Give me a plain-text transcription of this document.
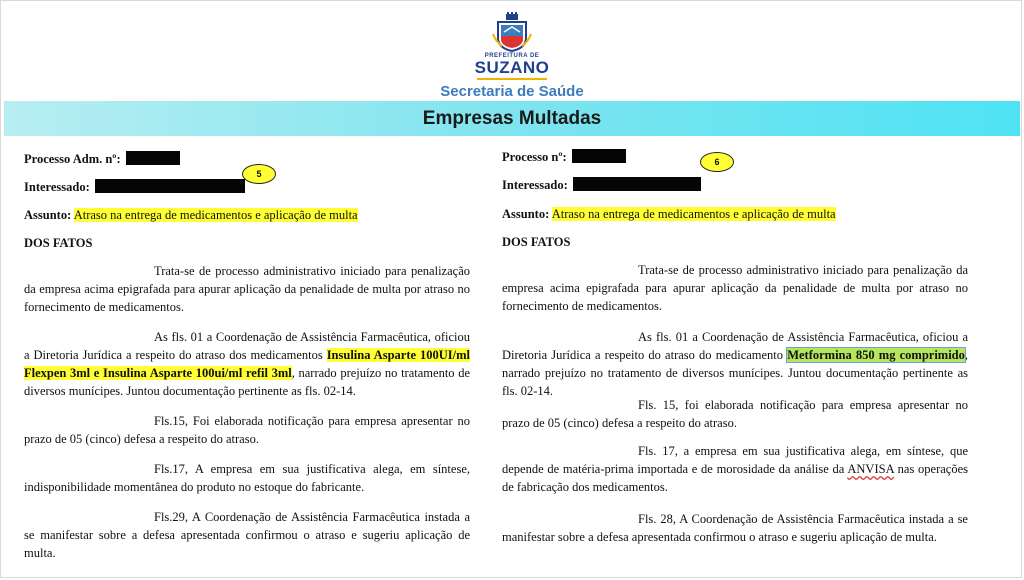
PREFEITURA DE
SUZANO
Secretaria de Saúde
Empresas Multadas
Processo Adm. nº:
5
Interessado:
Assunto: Atraso na entrega de medicamentos e aplicação de multa
DOS FATOS
Trata-se de processo administrativo iniciado para penalização da empresa acima epigrafada para apurar aplicação da penalidade de multa por atraso no fornecimento de medicamentos.
As fls. 01 a Coordenação de Assistência Farmacêutica, oficiou a Diretoria Jurídica a respeito do atraso dos medicamentos Insulina Asparte 100UI/ml Flexpen 3ml e Insulina Asparte 100ui/ml refil 3ml, narrado prejuízo no tratamento de diversos munícipes. Juntou documentação pertinente as fls. 02-14.
Fls.15, Foi elaborada notificação para empresa apresentar no prazo de 05 (cinco) defesa a respeito do atraso.
Fls.17, A empresa em sua justificativa alega, em síntese, indisponibilidade momentânea do produto no estoque do fabricante.
Fls.29, A Coordenação de Assistência Farmacêutica instada a se manifestar sobre a defesa apresentada confirmou o atraso e sugeriu aplicação de multa.
Processo nº:	6
Interessado:
Assunto: Atraso na entrega de medicamentos e aplicação de multa
DOS FATOS
Trata-se de processo administrativo iniciado para penalização da empresa acima epigrafada para apurar aplicação da penalidade de multa por atraso no fornecimento de medicamentos.
As fls. 01 a Coordenação de Assistência Farmacêutica, oficiou a Diretoria Jurídica a respeito do atraso do medicamento Metformina 850 mg comprimido, narrado prejuízo no tratamento de diversos munícipes. Juntou documentação pertinente as fls. 02-14.
Fls. 15, foi elaborada notificação para empresa apresentar no prazo de 05 (cinco) defesa a respeito do atraso.
Fls. 17, a empresa em sua justificativa alega, em síntese, que depende de matéria-prima importada e de morosidade da análise da ANVISA nas operações de fabricação dos medicamentos.
Fls. 28, A Coordenação de Assistência Farmacêutica instada a se manifestar sobre a defesa apresentada confirmou o atraso e sugeriu aplicação de multa.
